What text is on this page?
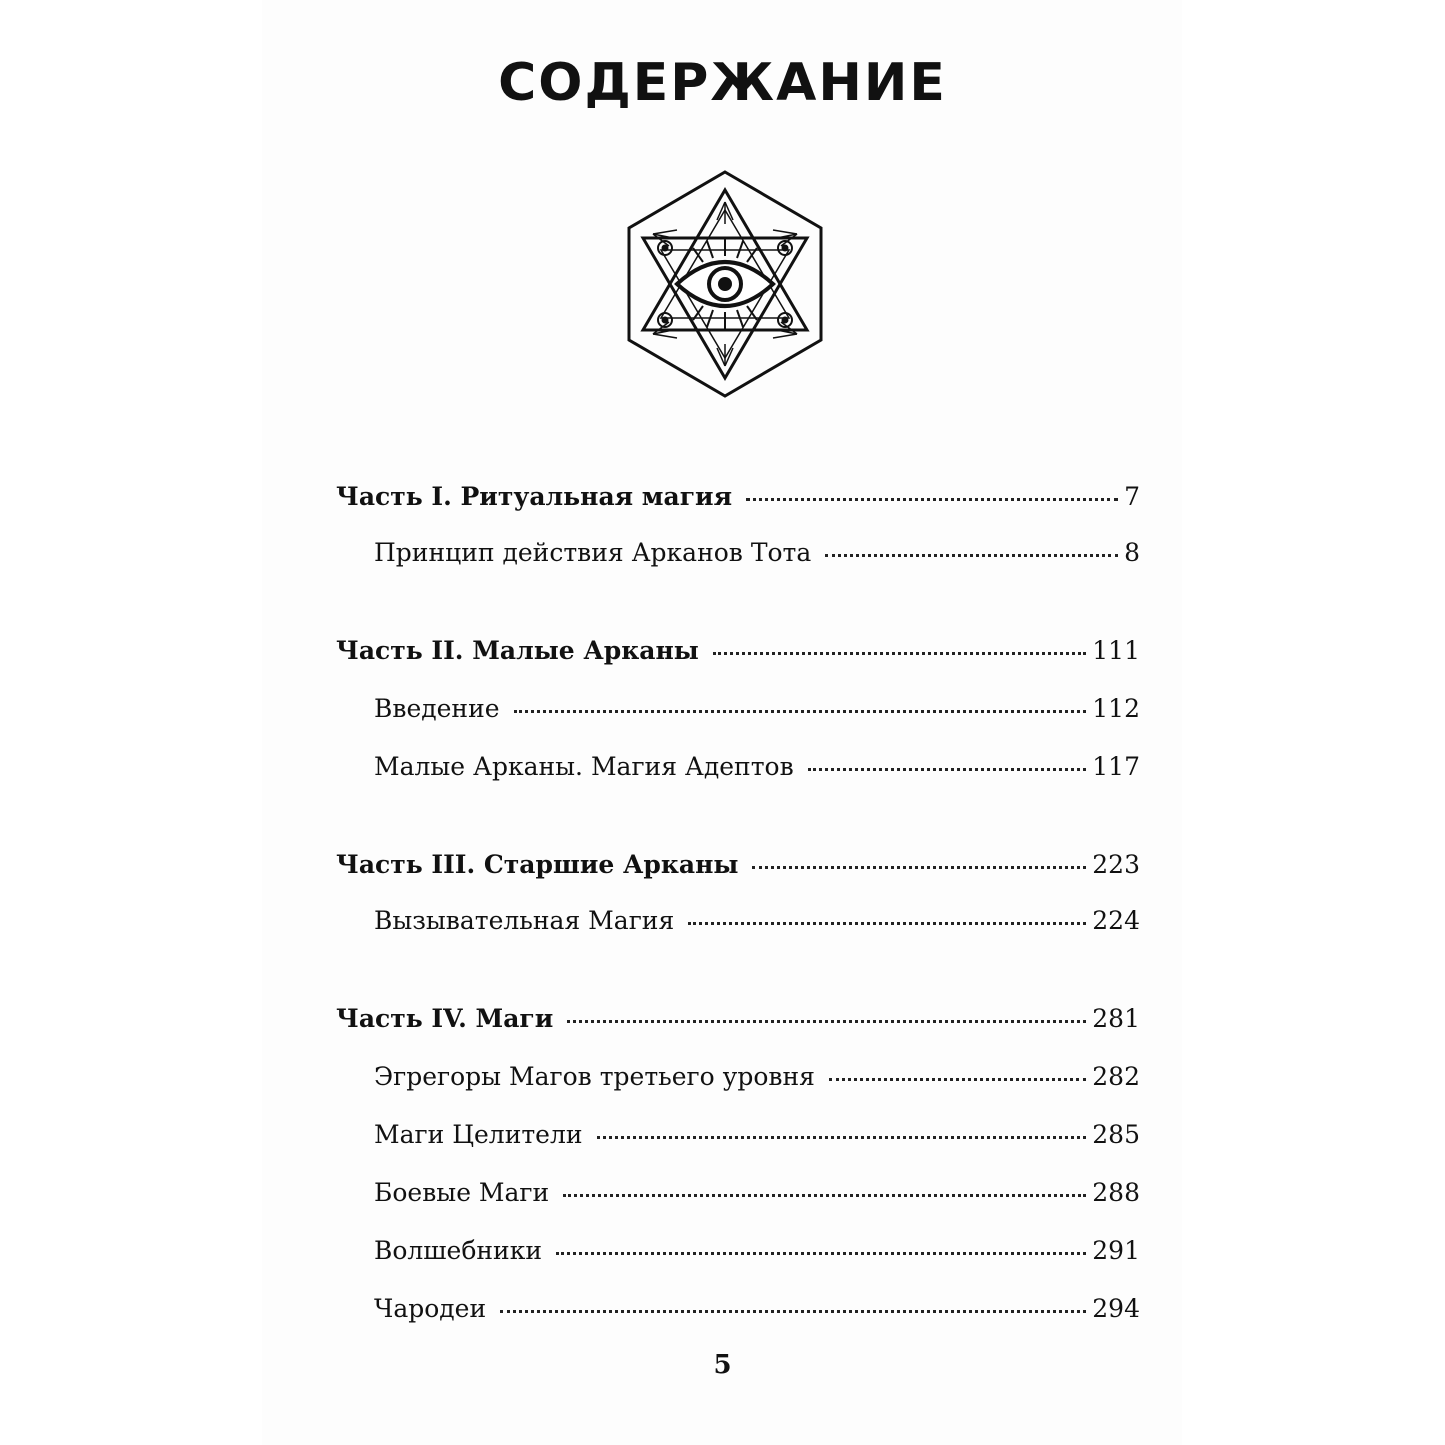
СОДЕРЖАНИЕ
Часть I. Ритуальная магия	7
Принцип действия Арканов Тота	8
Часть II. Малые Арканы	111
Введение	112
Малые Арканы. Магия Адептов	117
Часть III. Старшие Арканы	223
Вызывательная Магия	224
Часть IV. Маги	281
Эгрегоры Магов третьего уровня	282
Маги Целители	285
Боевые Маги	288
Волшебники	291
Чародеи	294
5
